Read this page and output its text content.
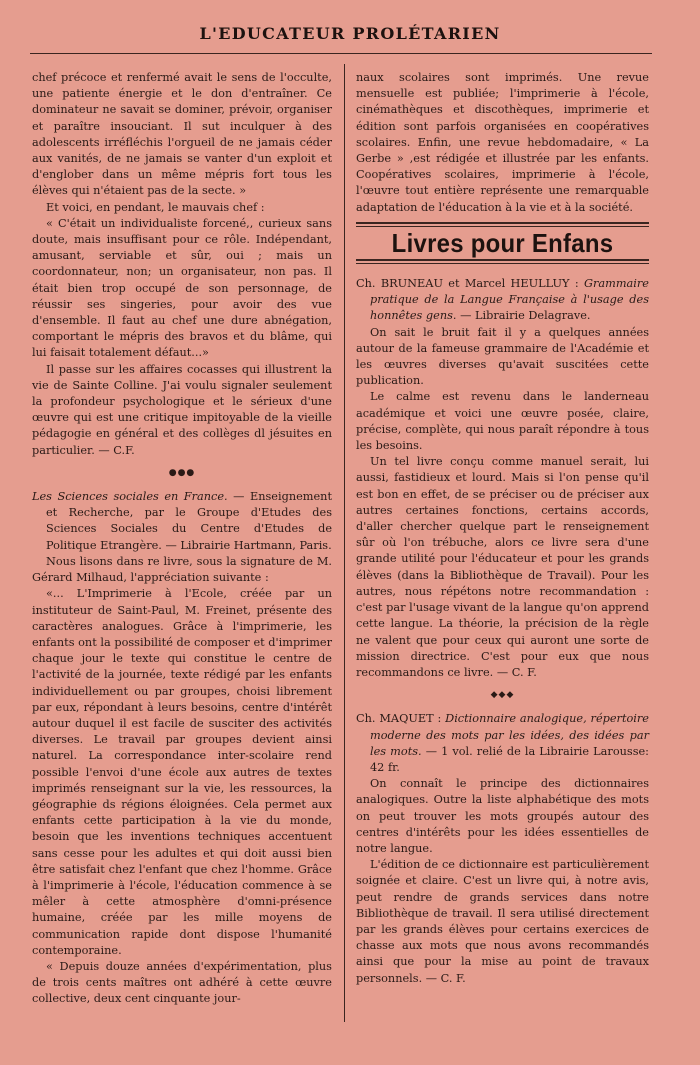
L'EDUCATEUR PROLÉTARIEN

chef précoce et renfermé avait le sens de l'occulte, une patiente énergie et le don d'entraîner. Ce dominateur ne savait se dominer, prévoir, organiser et paraître insouciant. Il sut inculquer à des adolescents irréfléchis l'orgueil de ne jamais céder aux vanités, de ne jamais se vanter d'un exploit et d'englober dans un même mépris fort tous les élèves qui n'étaient pas de la secte. »

Et voici, en pendant, le mauvais chef :

« C'était un individualiste forcené,, curieux sans doute, mais insuffisant pour ce rôle. Indépendant, amusant, serviable et sûr, oui ; mais un coordonnateur, non; un organisateur, non pas. Il était bien trop occupé de son personnage, de réussir ses singeries, pour avoir des vue d'ensemble. Il faut au chef une dure abnégation, comportant le mépris des bravos et du blâme, qui lui faisait totalement défaut...»

Il passe sur les affaires cocasses qui illustrent la vie de Sainte Colline. J'ai voulu signaler seulement la profondeur psychologique et le sérieux d'une œuvre qui est une critique impitoyable de la vieille pédagogie en général et des collèges dl jésuites en particulier. — C.F.

●●●

Les Sciences sociales en France. — Enseignement et Recherche, par le Groupe d'Etudes des Sciences Sociales du Centre d'Etudes de Politique Etrangère. — Librairie Hartmann, Paris.

Nous lisons dans re livre, sous la signature de M. Gérard Milhaud, l'appréciation suivante :

«... L'Imprimerie à l'Ecole, créée par un instituteur de Saint-Paul, M. Freinet, présente des caractères analogues. Grâce à l'imprimerie, les enfants ont la possibilité de composer et d'imprimer chaque jour le texte qui constitue le centre de l'activité de la journée, texte rédigé par les enfants individuellement ou par groupes, choisi librement par eux, répondant à leurs besoins, centre d'intérêt autour duquel il est facile de susciter des activités diverses. Le travail par groupes devient ainsi naturel. La correspondance inter-scolaire rend possible l'envoi d'une école aux autres de textes imprimés renseignant sur la vie, les ressources, la géographie ds régions éloignées. Cela permet aux enfants cette participation à la vie du monde, besoin que les inventions techniques accentuent sans cesse pour les adultes et qui doit aussi bien être satisfait chez l'enfant que chez l'homme. Grâce à l'imprimerie à l'école, l'éducation commence à se mêler à cette atmosphère d'omni-présence humaine, créée par les mille moyens de communication rapide dont dispose l'humanité contemporaine.

« Depuis douze années d'expérimentation, plus de trois cents maîtres ont adhéré à cette œuvre collective, deux cent cinquante jour-

naux scolaires sont imprimés. Une revue mensuelle est publiée; l'imprimerie à l'école, cinémathèques et discothèques, imprimerie et édition sont parfois organisées en coopératives scolaires. Enfin, une revue hebdomadaire, « La Gerbe » ,est rédigée et illustrée par les enfants. Coopératives scolaires, imprimerie à l'école, l'œuvre tout entière représente une remarquable adaptation de l'éducation à la vie et à la société.

Livres pour Enfans

Ch. BRUNEAU et Marcel HEULLUY : Grammaire pratique de la Langue Française à l'usage des honnêtes gens. — Librairie Delagrave.

On sait le bruit fait il y a quelques années autour de la fameuse grammaire de l'Académie et les œuvres diverses qu'avait suscitées cette publication.

Le calme est revenu dans le landerneau académique et voici une œuvre posée, claire, précise, complète, qui nous paraît répondre à tous les besoins.

Un tel livre conçu comme manuel serait, lui aussi, fastidieux et lourd. Mais si l'on pense qu'il est bon en effet, de se préciser ou de préciser aux autres certaines fonctions, certains accords, d'aller chercher quelque part le renseignement sûr où l'on trébuche, alors ce livre sera d'une grande utilité pour l'éducateur et pour les grands élèves (dans la Bibliothèque de Travail). Pour les autres, nous répétons notre recommandation : c'est par l'usage vivant de la langue qu'on apprend cette langue. La théorie, la précision de la règle ne valent que pour ceux qui auront une sorte de mission directrice. C'est pour eux que nous recommandons ce livre. — C. F.

◆◆◆

Ch. MAQUET : Dictionnaire analogique, répertoire moderne des mots par les idées, des idées par les mots. — 1 vol. relié de la Librairie Larousse: 42 fr.

On connaît le principe des dictionnaires analogiques. Outre la liste alphabétique des mots on peut trouver les mots groupés autour des centres d'intérêts pour les idées essentielles de notre langue.

L'édition de ce dictionnaire est particulièrement soignée et claire. C'est un livre qui, à notre avis, peut rendre de grands services dans notre Bibliothèque de travail. Il sera utilisé directement par les grands élèves pour certains exercices de chasse aux mots que nous avons recommandés ainsi que pour la mise au point de travaux personnels. — C. F.
